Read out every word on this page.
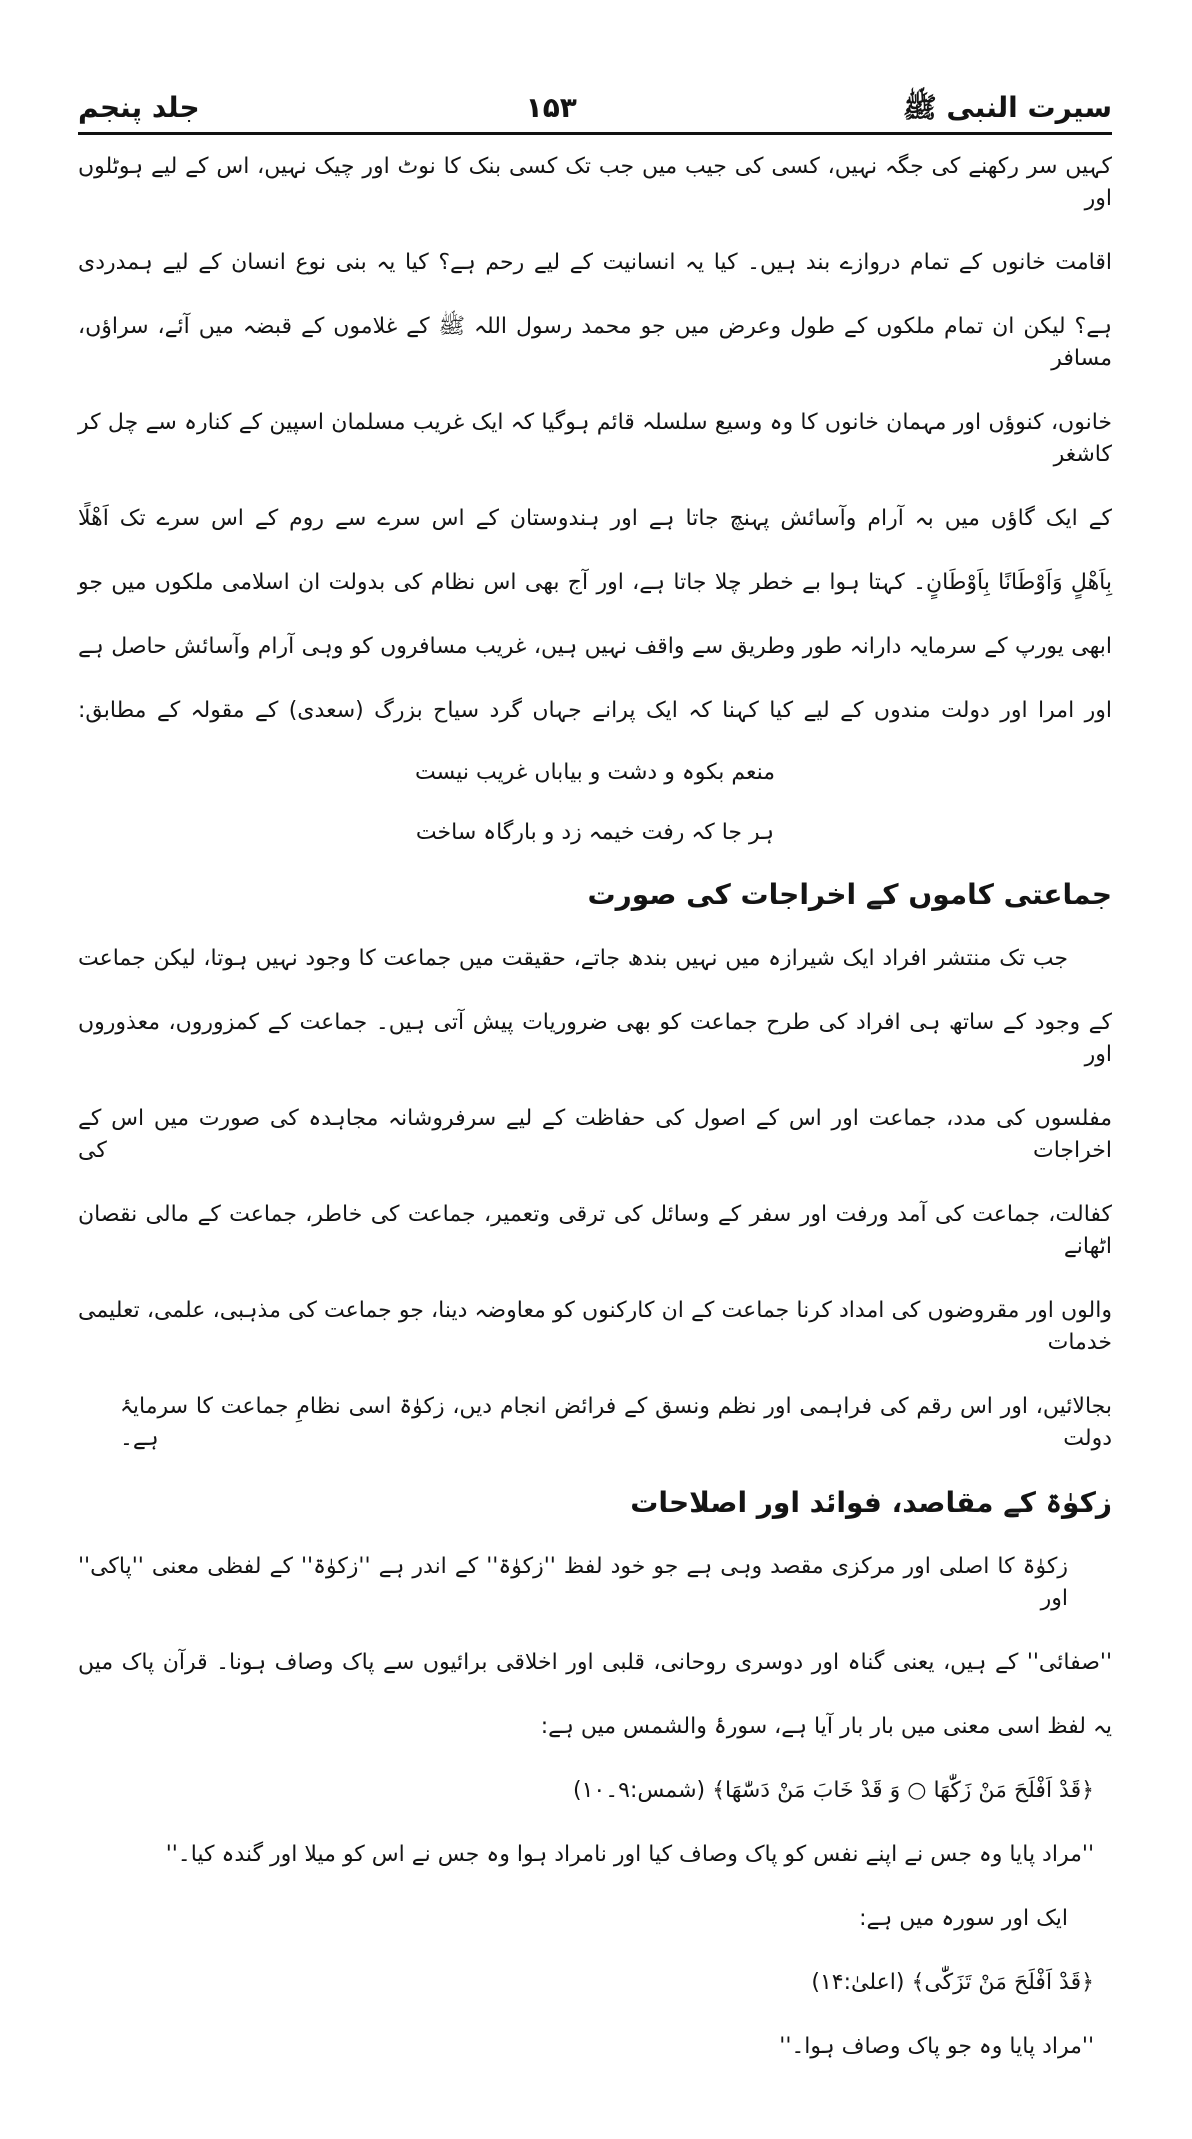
سیرت النبی ﷺ
۱۵۳
جلد پنجم
کہیں سر رکھنے کی جگہ نہیں، کسی کی جیب میں جب تک کسی بنک کا نوٹ اور چیک نہیں، اس کے لیے ہوٹلوں اور
اقامت خانوں کے تمام دروازے بند ہیں۔ کیا یہ انسانیت کے لیے رحم ہے؟ کیا یہ بنی نوع انسان کے لیے ہمدردی
ہے؟ لیکن ان تمام ملکوں کے طول وعرض میں جو محمد رسول اللہ ﷺ کے غلاموں کے قبضہ میں آئے، سراؤں، مسافر
خانوں، کنوؤں اور مہمان خانوں کا وہ وسیع سلسلہ قائم ہوگیا کہ ایک غریب مسلمان اسپین کے کنارہ سے چل کر کاشغر
کے ایک گاؤں میں بہ آرام وآسائش پہنچ جاتا ہے اور ہندوستان کے اس سرے سے روم کے اس سرے تک اَھْلًا
بِاَھْلٍ وَاَوْطَانًا بِاَوْطَانٍ۔ کہتا ہوا بے خطر چلا جاتا ہے، اور آج بھی اس نظام کی بدولت ان اسلامی ملکوں میں جو
ابھی یورپ کے سرمایہ دارانہ طور وطریق سے واقف نہیں ہیں، غریب مسافروں کو وہی آرام وآسائش حاصل ہے
اور امرا اور دولت مندوں کے لیے کیا کہنا کہ ایک پرانے جہاں گرد سیاح بزرگ (سعدی) کے مقولہ کے مطابق:
منعم بکوہ و دشت و بیاباں غریب نیست
ہر جا کہ رفت خیمہ زد و بارگاہ ساخت
جماعتی کاموں کے اخراجات کی صورت
جب تک منتشر افراد ایک شیرازہ میں نہیں بندھ جاتے، حقیقت میں جماعت کا وجود نہیں ہوتا، لیکن جماعت
کے وجود کے ساتھ ہی افراد کی طرح جماعت کو بھی ضروریات پیش آتی ہیں۔ جماعت کے کمزوروں، معذوروں اور
مفلسوں کی مدد، جماعت اور اس کے اصول کی حفاظت کے لیے سرفروشانہ مجاہدہ کی صورت میں اس کے اخراجات کی
کفالت، جماعت کی آمد ورفت اور سفر کے وسائل کی ترقی وتعمیر، جماعت کی خاطر، جماعت کے مالی نقصان اٹھانے
والوں اور مقروضوں کی امداد کرنا جماعت کے ان کارکنوں کو معاوضہ دینا، جو جماعت کی مذہبی، علمی، تعلیمی خدمات
بجالائیں، اور اس رقم کی فراہمی اور نظم ونسق کے فرائض انجام دیں، زکوٰۃ اسی نظامِ جماعت کا سرمایۂ دولت ہے۔
زکوٰۃ کے مقاصد، فوائد اور اصلاحات
زکوٰۃ کا اصلی اور مرکزی مقصد وہی ہے جو خود لفظ ''زکوٰۃ'' کے اندر ہے ''زکوٰۃ'' کے لفظی معنی ''پاکی'' اور
''صفائی'' کے ہیں، یعنی گناہ اور دوسری روحانی، قلبی اور اخلاقی برائیوں سے پاک وصاف ہونا۔ قرآن پاک میں
یہ لفظ اسی معنی میں بار بار آیا ہے، سورۂ والشمس میں ہے:
﴿قَدْ اَفْلَحَ مَنْ زَکّٰهَا ○ وَ قَدْ خَابَ مَنْ دَسّٰهَا﴾ (شمس:۹۔۱۰)
''مراد پایا وہ جس نے اپنے نفس کو پاک وصاف کیا اور نامراد ہوا وہ جس نے اس کو میلا اور گندہ کیا۔''
ایک اور سورہ میں ہے:
﴿قَدْ اَفْلَحَ مَنْ تَزَکّٰی﴾ (اعلیٰ:۱۴)
''مراد پایا وہ جو پاک وصاف ہوا۔''
